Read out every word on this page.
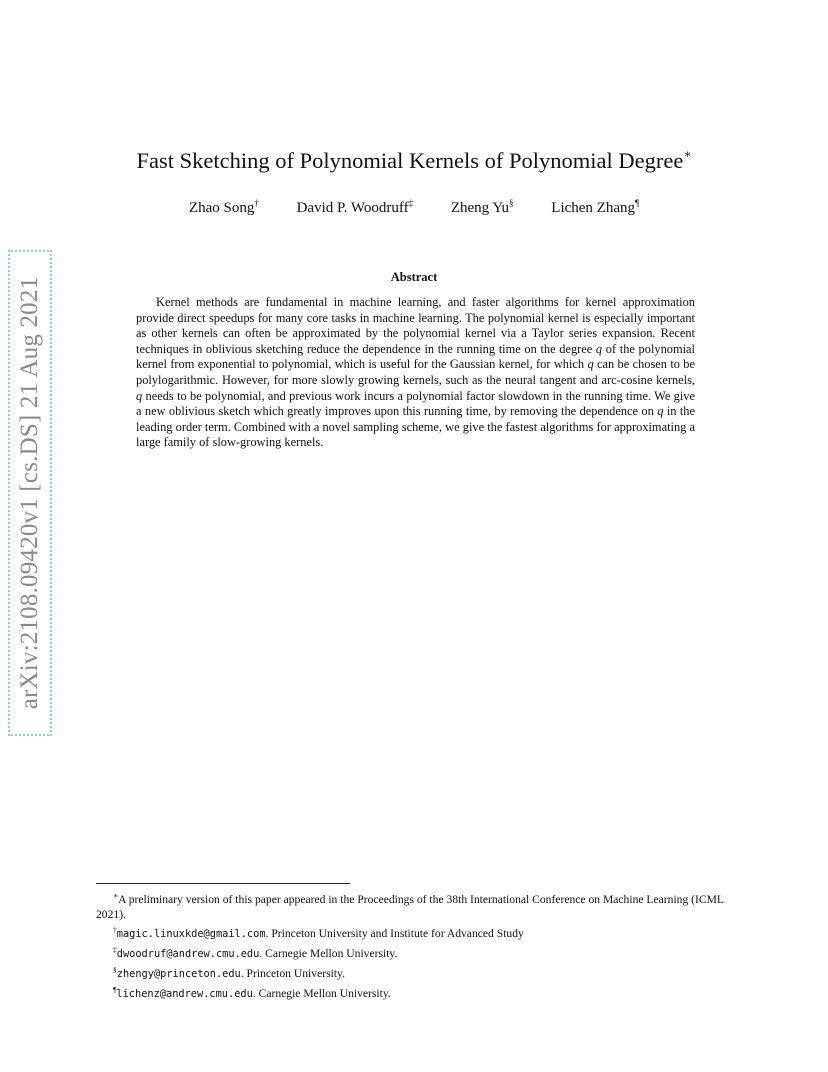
arXiv:2108.09420v1 [cs.DS] 21 Aug 2021
Fast Sketching of Polynomial Kernels of Polynomial Degree∗
Zhao Song†	David P. Woodruff‡	Zheng Yu§	Lichen Zhang¶
Abstract
Kernel methods are fundamental in machine learning, and faster algorithms for kernel approximation provide direct speedups for many core tasks in machine learning. The polynomial kernel is especially important as other kernels can often be approximated by the polynomial kernel via a Taylor series expansion. Recent techniques in oblivious sketching reduce the dependence in the running time on the degree q of the polynomial kernel from exponential to polynomial, which is useful for the Gaussian kernel, for which q can be chosen to be polylogarithmic. However, for more slowly growing kernels, such as the neural tangent and arc-cosine kernels, q needs to be polynomial, and previous work incurs a polynomial factor slowdown in the running time. We give a new oblivious sketch which greatly improves upon this running time, by removing the dependence on q in the leading order term. Combined with a novel sampling scheme, we give the fastest algorithms for approximating a large family of slow-growing kernels.
∗A preliminary version of this paper appeared in the Proceedings of the 38th International Conference on Machine Learning (ICML 2021).
†magic.linuxkde@gmail.com. Princeton University and Institute for Advanced Study
‡dwoodruf@andrew.cmu.edu. Carnegie Mellon University.
§zhengy@princeton.edu. Princeton University.
¶lichenz@andrew.cmu.edu. Carnegie Mellon University.
